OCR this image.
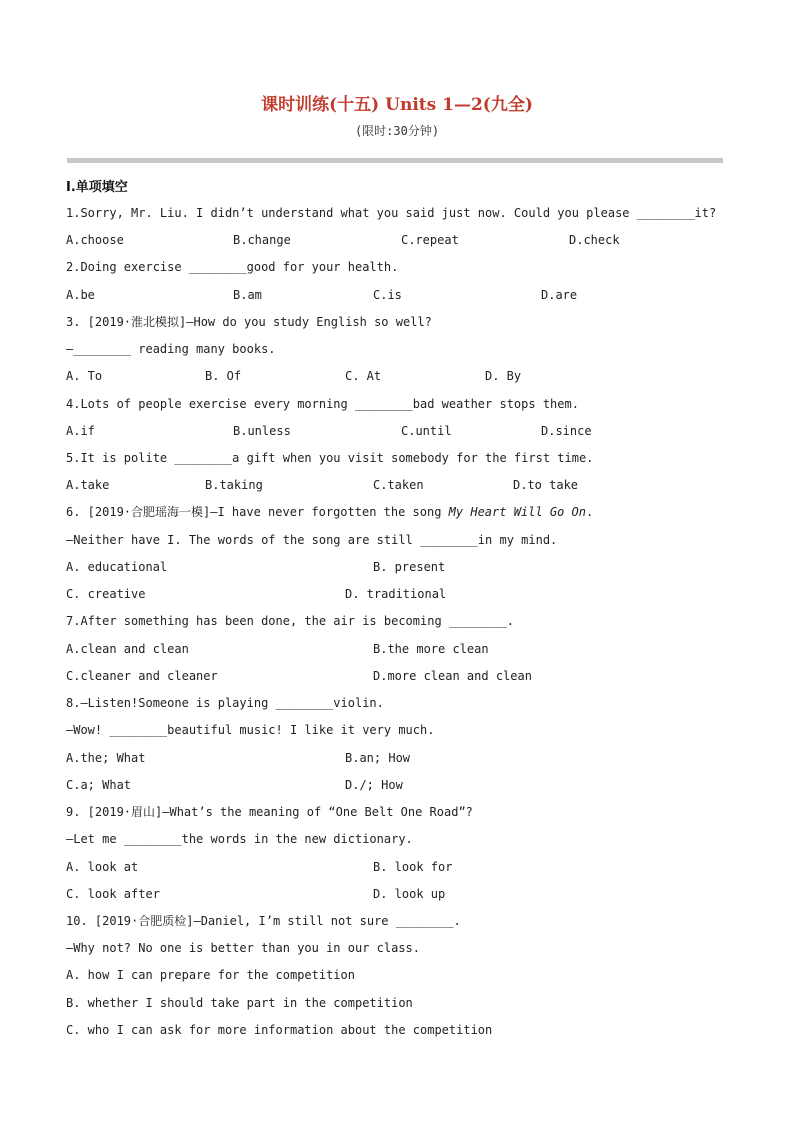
课时训练(十五) Units 1—2(九全)
(限时:30分钟)
Ⅰ.单项填空
1.Sorry, Mr. Liu. I didn’t understand what you said just now. Could you please ________it?
A.choose	B.change	C.repeat	D.check
2.Doing exercise ________good for your health.
A.be	B.am	C.is	D.are
3. [2019·淮北模拟]—How do you study English so well?
—________ reading many books.
A. To	B. Of	C. At	D. By
4.Lots of people exercise every morning ________bad weather stops them.
A.if	B.unless	C.until	D.since
5.It is polite ________a gift when you visit somebody for the first time.
A.take	B.taking	C.taken	D.to take
6. [2019·合肥瑶海一模]—I have never forgotten the song My Heart Will Go On.
—Neither have I. The words of the song are still ________in my mind.
A. educational	B. present
C. creative	D. traditional
7.After something has been done, the air is becoming ________.
A.clean and clean	B.the more clean
C.cleaner and cleaner	D.more clean and clean
8.—Listen!Someone is playing ________violin.
—Wow! ________beautiful music! I like it very much.
A.the; What	B.an; How
C.a; What	D./; How
9. [2019·眉山]—What’s the meaning of “One Belt One Road”?
—Let me ________the words in the new dictionary.
A. look at	B. look for
C. look after	D. look up
10. [2019·合肥质检]—Daniel, I’m still not sure ________.
—Why not? No one is better than you in our class.
A. how I can prepare for the competition
B. whether I should take part in the competition
C. who I can ask for more information about the competition
